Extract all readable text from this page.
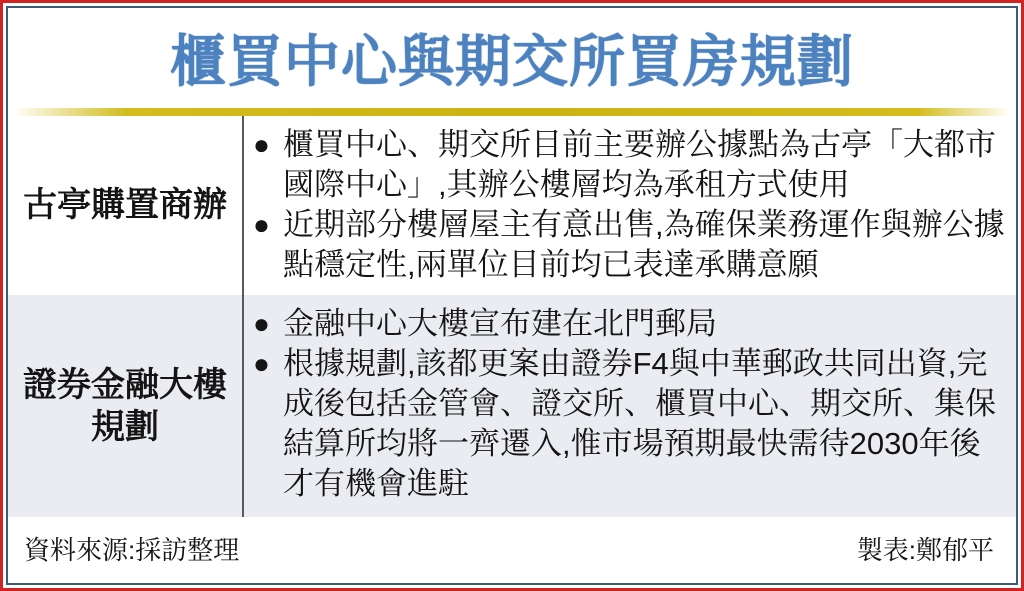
櫃買中心與期交所買房規劃
古亭購置商辦
● 櫃買中心、期交所目前主要辦公據點為古亭「大都市國際中心」,其辦公樓層均為承租方式使用
● 近期部分樓層屋主有意出售,為確保業務運作與辦公據點穩定性,兩單位目前均已表達承購意願
證券金融大樓規劃
● 金融中心大樓宣布建在北門郵局
● 根據規劃,該都更案由證券F4與中華郵政共同出資,完成後包括金管會、證交所、櫃買中心、期交所、集保結算所均將一齊遷入,惟市場預期最快需待2030年後才有機會進駐
資料來源:採訪整理	製表:鄭郁平
